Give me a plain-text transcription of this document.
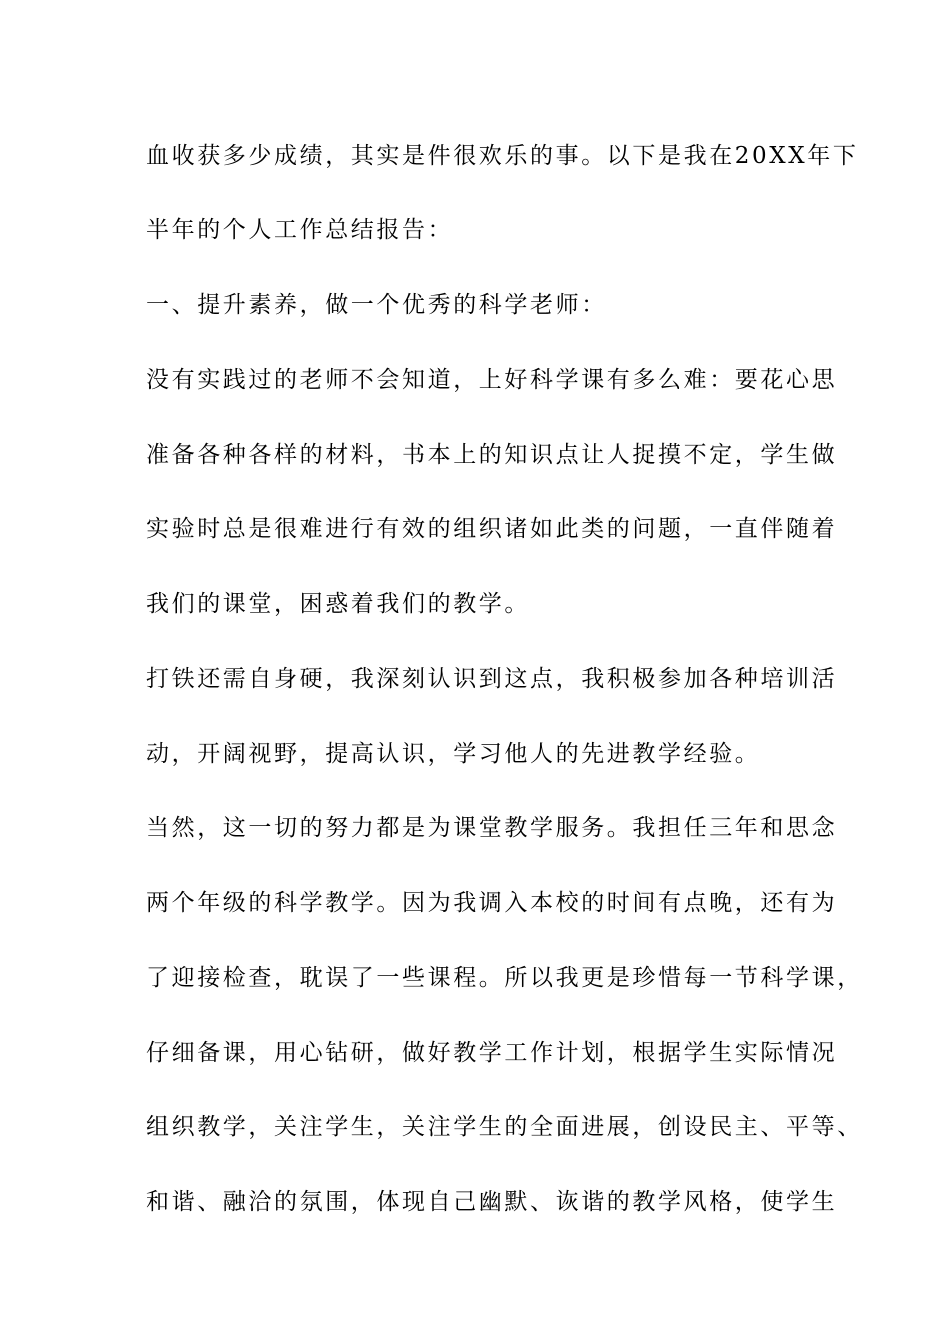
血收获多少成绩，其实是件很欢乐的事。以下是我在20XX年下
半年的个人工作总结报告：
一、提升素养，做一个优秀的科学老师：
没有实践过的老师不会知道，上好科学课有多么难：要花心思
准备各种各样的材料，书本上的知识点让人捉摸不定，学生做
实验时总是很难进行有效的组织诸如此类的问题，一直伴随着
我们的课堂，困惑着我们的教学。
打铁还需自身硬，我深刻认识到这点，我积极参加各种培训活
动，开阔视野，提高认识，学习他人的先进教学经验。
当然，这一切的努力都是为课堂教学服务。我担任三年和思念
两个年级的科学教学。因为我调入本校的时间有点晚，还有为
了迎接检查，耽误了一些课程。所以我更是珍惜每一节科学课，
仔细备课，用心钻研，做好教学工作计划，根据学生实际情况
组织教学，关注学生，关注学生的全面进展，创设民主、平等、
和谐、融洽的氛围，体现自己幽默、诙谐的教学风格，使学生
